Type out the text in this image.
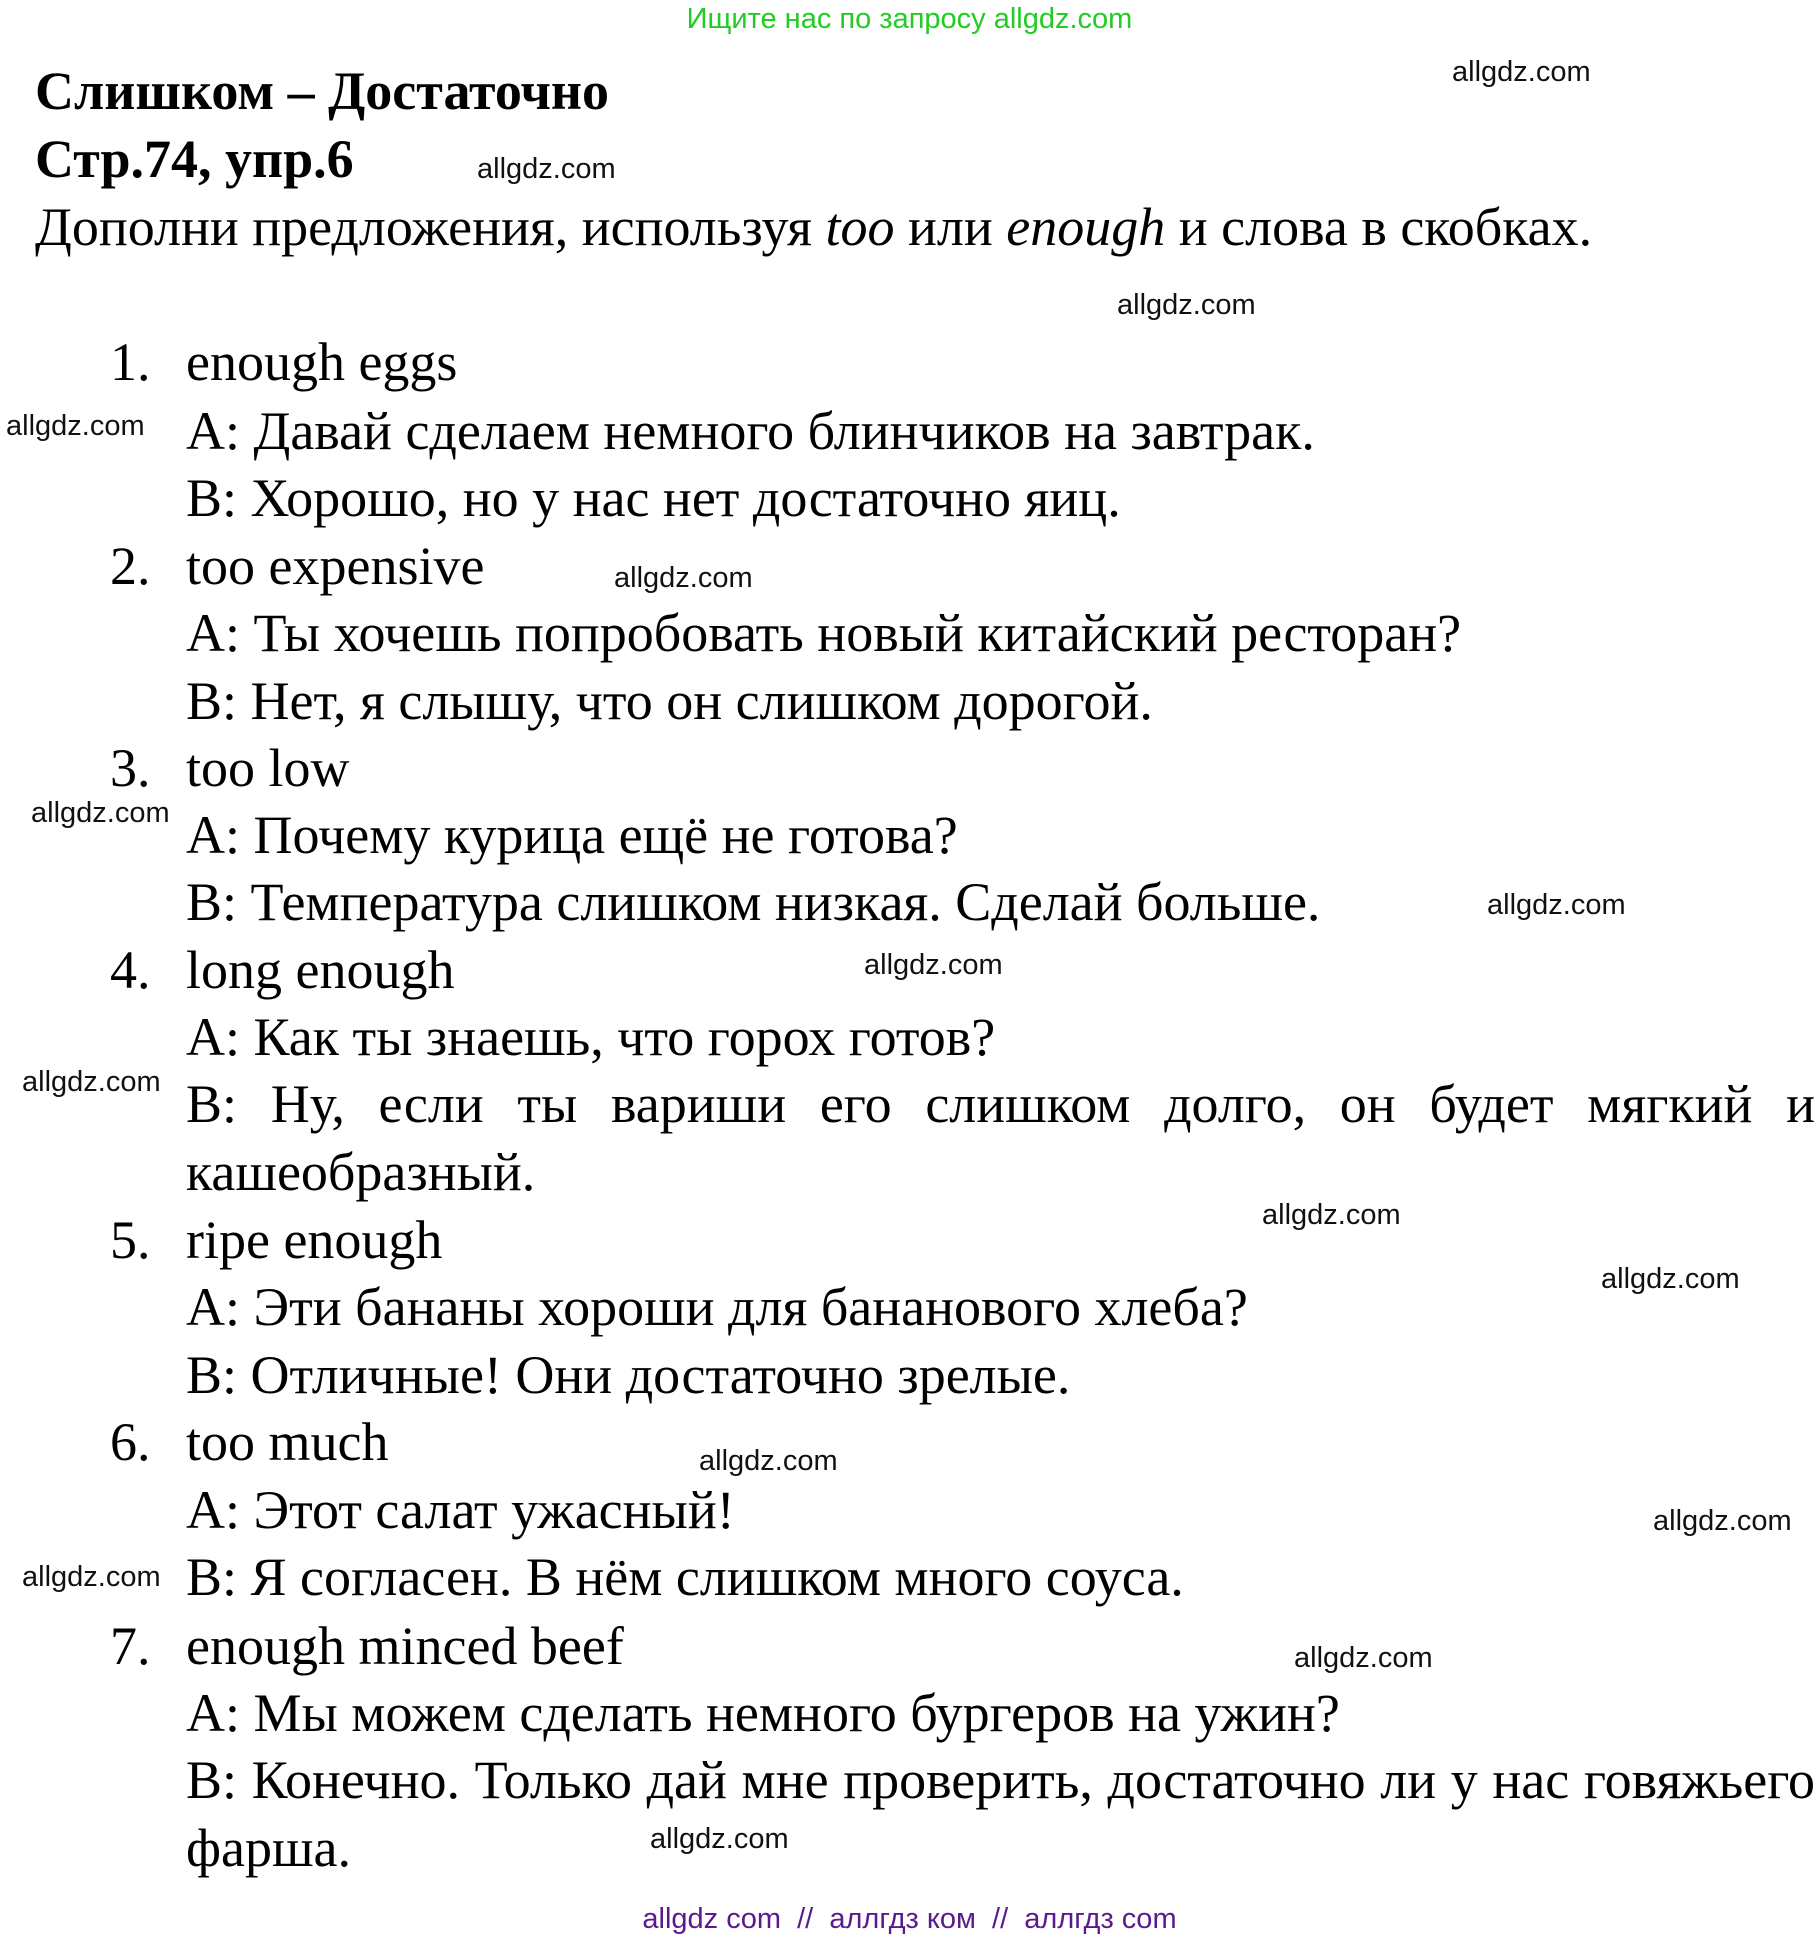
Ищите нас по запросу allgdz.com
Слишком – Достаточно
Стр.74, упр.6
Дополни предложения, используя too или enough и слова в скобках.
1. enough eggs
A: Давай сделаем немного блинчиков на завтрак.
B: Хорошо, но у нас нет достаточно яиц.
2. too expensive
A: Ты хочешь попробовать новый китайский ресторан?
B: Нет, я слышу, что он слишком дорогой.
3. too low
A: Почему курица ещё не готова?
B: Температура слишком низкая. Сделай больше.
4. long enough
A: Как ты знаешь, что горох готов?
B: Ну, если ты вариши его слишком долго, он будет мягкий и кашеобразный.
5. ripe enough
A: Эти бананы хороши для бананового хлеба?
B: Отличные! Они достаточно зрелые.
6. too much
A: Этот салат ужасный!
B: Я согласен. В нём слишком много соуса.
7. enough minced beef
A: Мы можем сделать немного бургеров на ужин?
B: Конечно. Только дай мне проверить, достаточно ли у нас говяжьего фарша.
allgdz.com
allgdz.com
allgdz.com
allgdz.com
allgdz.com
allgdz.com
allgdz.com
allgdz.com
allgdz.com
allgdz.com
allgdz.com
allgdz.com
allgdz.com
allgdz.com
allgdz.com
allgdz.com
allgdz com  //  аллгдз ком  //  аллгдз com
